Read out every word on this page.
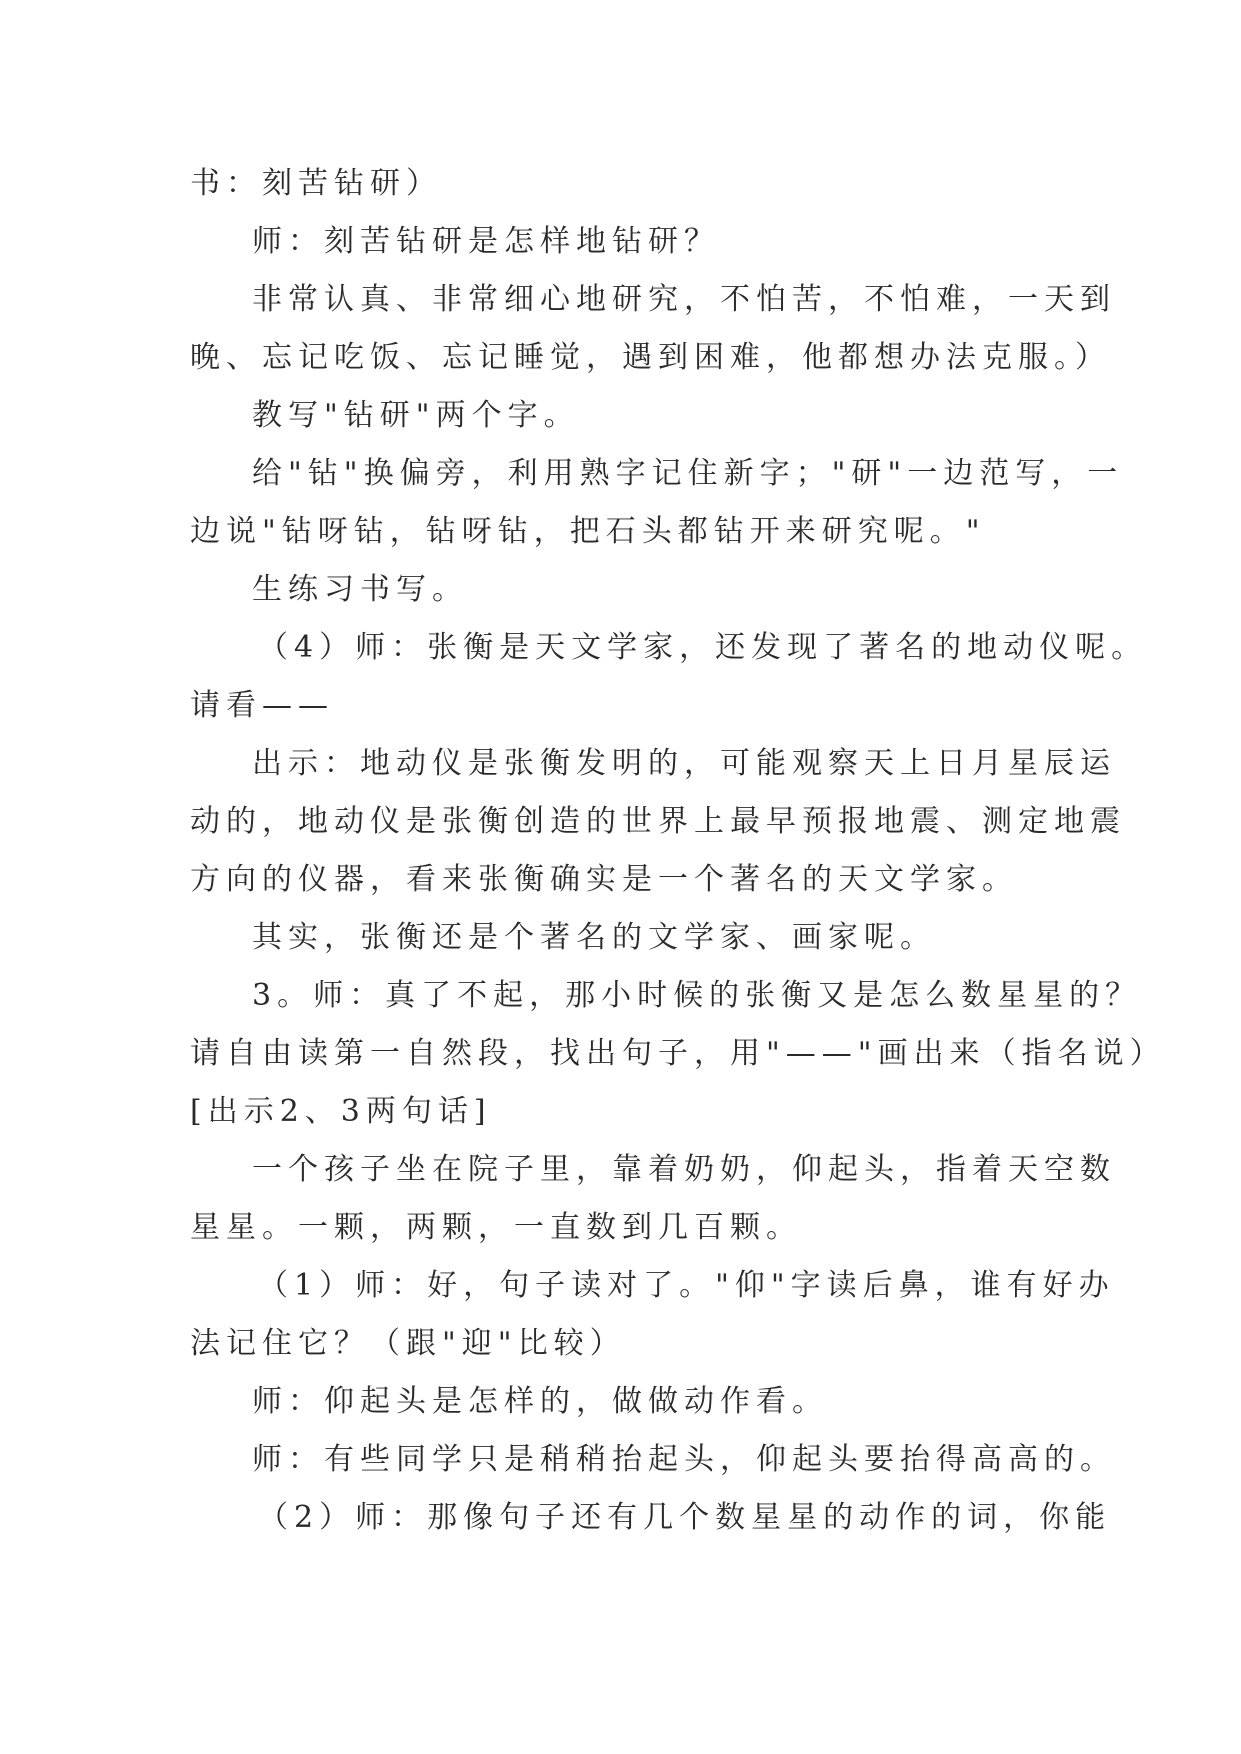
书：刻苦钻研）
师：刻苦钻研是怎样地钻研？
非常认真、非常细心地研究，不怕苦，不怕难，一天到
晚、忘记吃饭、忘记睡觉，遇到困难，他都想办法克服。）
教写"钻研"两个字。
给"钻"换偏旁，利用熟字记住新字；"研"一边范写，一
边说"钻呀钻，钻呀钻，把石头都钻开来研究呢。"
生练习书写。
（4）师：张衡是天文学家，还发现了著名的地动仪呢。
请看——
出示：地动仪是张衡发明的，可能观察天上日月星辰运
动的，地动仪是张衡创造的世界上最早预报地震、测定地震
方向的仪器，看来张衡确实是一个著名的天文学家。
其实，张衡还是个著名的文学家、画家呢。
3。师：真了不起，那小时候的张衡又是怎么数星星的？
请自由读第一自然段，找出句子，用"——"画出来（指名说）
[出示2、3两句话]
一个孩子坐在院子里，靠着奶奶，仰起头，指着天空数
星星。一颗，两颗，一直数到几百颗。
（1）师：好，句子读对了。"仰"字读后鼻，谁有好办
法记住它？（跟"迎"比较）
师：仰起头是怎样的，做做动作看。
师：有些同学只是稍稍抬起头，仰起头要抬得高高的。
（2）师：那像句子还有几个数星星的动作的词，你能
